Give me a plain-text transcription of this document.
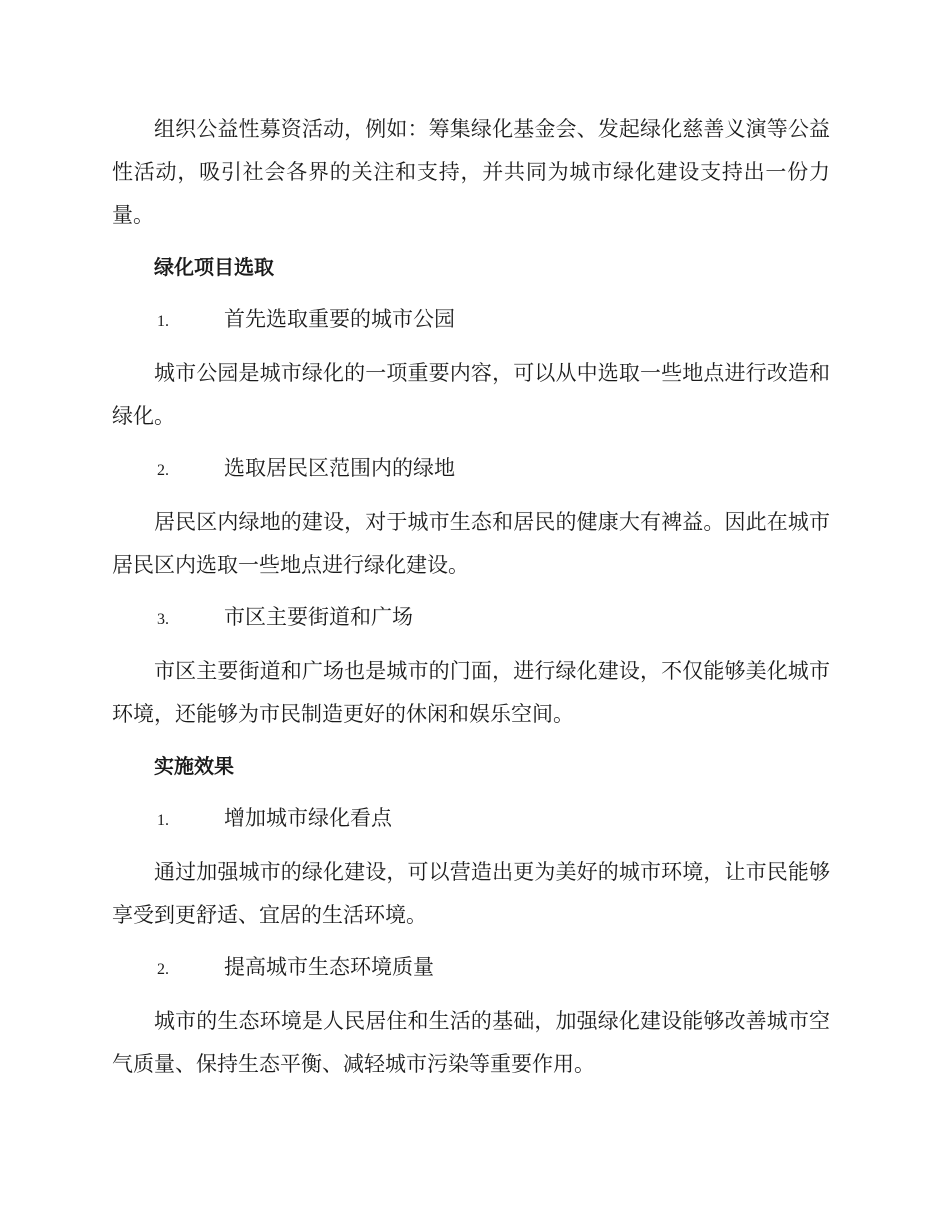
组织公益性募资活动，例如：筹集绿化基金会、发起绿化慈善义演等公益性活动，吸引社会各界的关注和支持，并共同为城市绿化建设支持出一份力量。

绿化项目选取
1.	首先选取重要的城市公园

城市公园是城市绿化的一项重要内容，可以从中选取一些地点进行改造和绿化。

2.	选取居民区范围内的绿地

居民区内绿地的建设，对于城市生态和居民的健康大有裨益。因此在城市居民区内选取一些地点进行绿化建设。

3.	市区主要街道和广场

市区主要街道和广场也是城市的门面，进行绿化建设，不仅能够美化城市环境，还能够为市民制造更好的休闲和娱乐空间。

实施效果
1.	增加城市绿化看点

通过加强城市的绿化建设，可以营造出更为美好的城市环境，让市民能够享受到更舒适、宜居的生活环境。

2.	提高城市生态环境质量

城市的生态环境是人民居住和生活的基础，加强绿化建设能够改善城市空气质量、保持生态平衡、减轻城市污染等重要作用。
